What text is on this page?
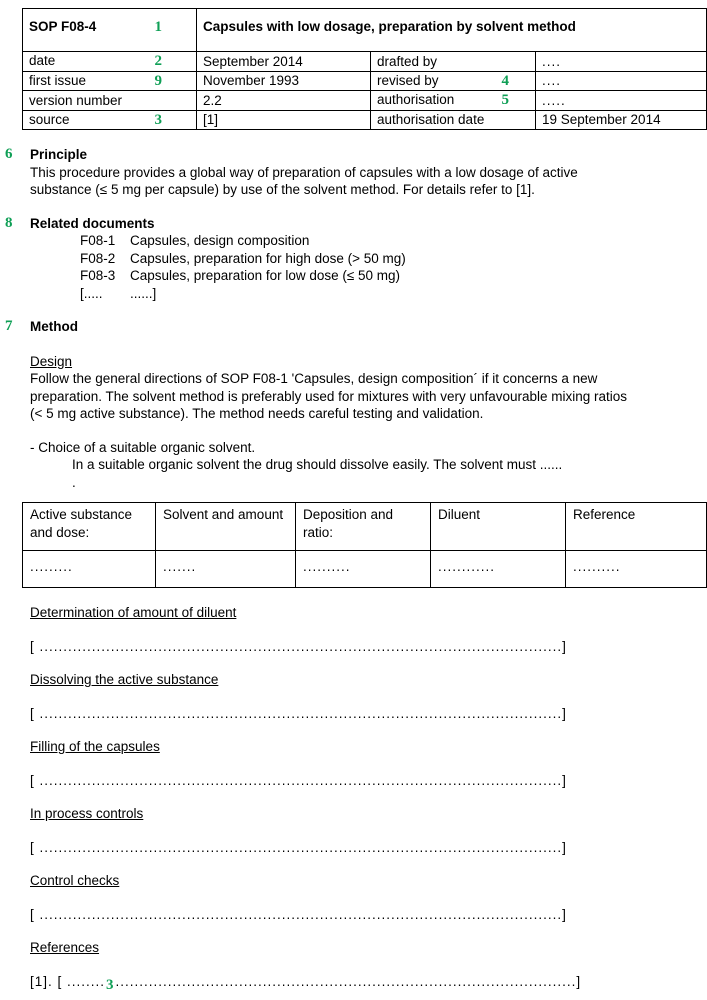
SOP F08-4 1	Capsules with low dosage, preparation by solvent method		

date 2	September 2014	drafted by	....

first issue 9	November 1993	revised by 4	....

version number	2.2	authorisation 5	.....

source 3	[1]	authorisation date	19 September 2014
6 Principle
This procedure provides a global way of preparation of capsules with a low dosage of active
substance (≤ 5 mg per capsule) by use of the solvent method. For details refer to [1].
8 Related documents
F08-1	Capsules, design composition
F08-2	Capsules, preparation for high dose (> 50 mg)
F08-3	Capsules, preparation for low dose (≤ 50 mg)
[.....	......]
7 Method
Design
Follow the general directions of SOP F08-1 'Capsules, design composition´ if it concerns a new
preparation. The solvent method is preferably used for mixtures with very unfavourable mixing ratios
(< 5 mg active substance). The method needs careful testing and validation.
- Choice of a suitable organic solvent.
In a suitable organic solvent the drug should dissolve easily. The solvent must ......
.
Active substance and dose:	Solvent and amount	Deposition and ratio:	Diluent	Reference
.........	.......	..........	............	..........
Determination of amount of diluent
[ ..............................................................................................................]
Dissolving the active substance
[ ..............................................................................................................]
Filling of the capsules
[ ..............................................................................................................]
In process controls
[ ..............................................................................................................]
Control checks
[ ..............................................................................................................]
References
[1]. [ ........3.................................................................................................]
